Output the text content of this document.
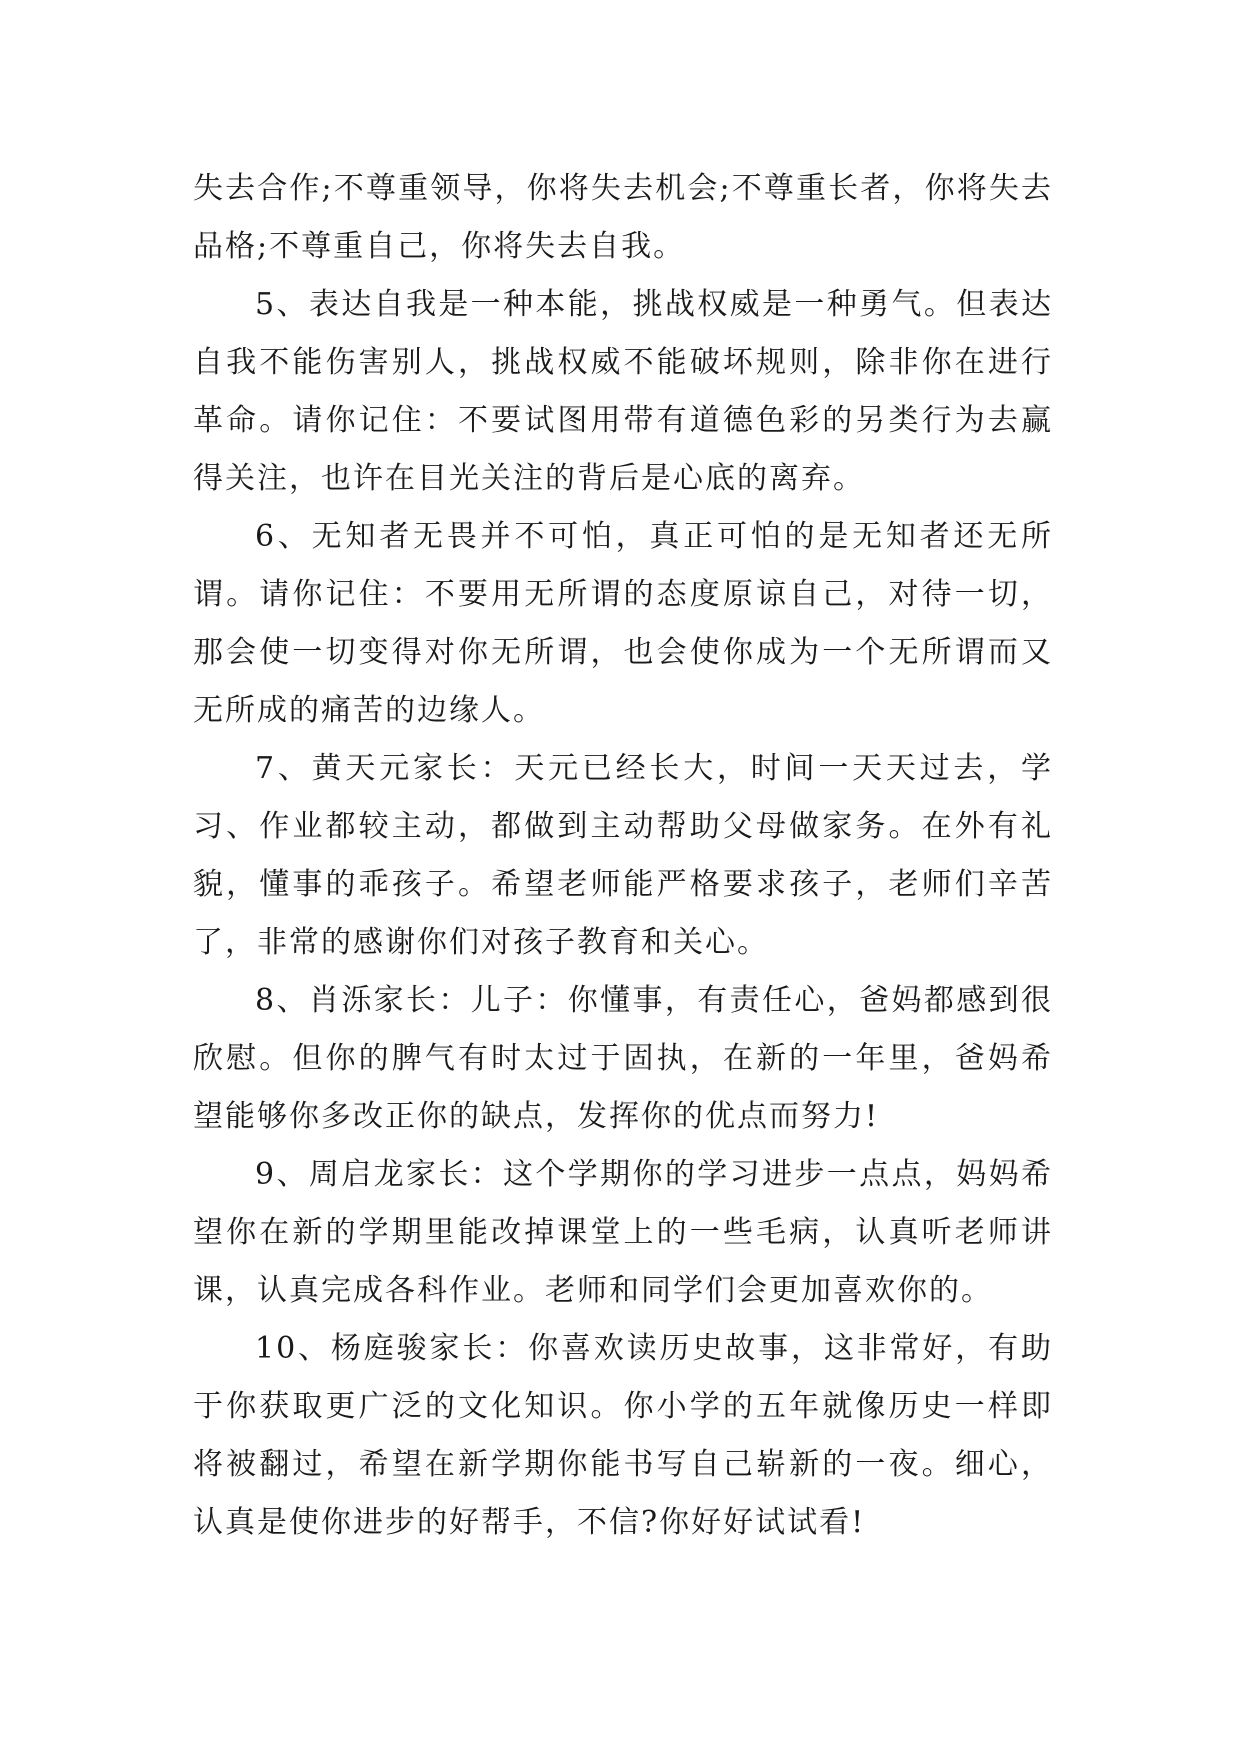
失去合作;不尊重领导，你将失去机会;不尊重长者，你将失去品格;不尊重自己，你将失去自我。

5、表达自我是一种本能，挑战权威是一种勇气。但表达自我不能伤害别人，挑战权威不能破坏规则，除非你在进行革命。请你记住：不要试图用带有道德色彩的另类行为去赢得关注，也许在目光关注的背后是心底的离弃。

6、无知者无畏并不可怕，真正可怕的是无知者还无所谓。请你记住：不要用无所谓的态度原谅自己，对待一切，那会使一切变得对你无所谓，也会使你成为一个无所谓而又无所成的痛苦的边缘人。

7、黄天元家长：天元已经长大，时间一天天过去，学习、作业都较主动，都做到主动帮助父母做家务。在外有礼貌，懂事的乖孩子。希望老师能严格要求孩子，老师们辛苦了，非常的感谢你们对孩子教育和关心。

8、肖泺家长：儿子：你懂事，有责任心，爸妈都感到很欣慰。但你的脾气有时太过于固执，在新的一年里，爸妈希望能够你多改正你的缺点，发挥你的优点而努力!

9、周启龙家长：这个学期你的学习进步一点点，妈妈希望你在新的学期里能改掉课堂上的一些毛病，认真听老师讲课，认真完成各科作业。老师和同学们会更加喜欢你的。

10、杨庭骏家长：你喜欢读历史故事，这非常好，有助于你获取更广泛的文化知识。你小学的五年就像历史一样即将被翻过，希望在新学期你能书写自己崭新的一夜。细心，认真是使你进步的好帮手，不信?你好好试试看!
